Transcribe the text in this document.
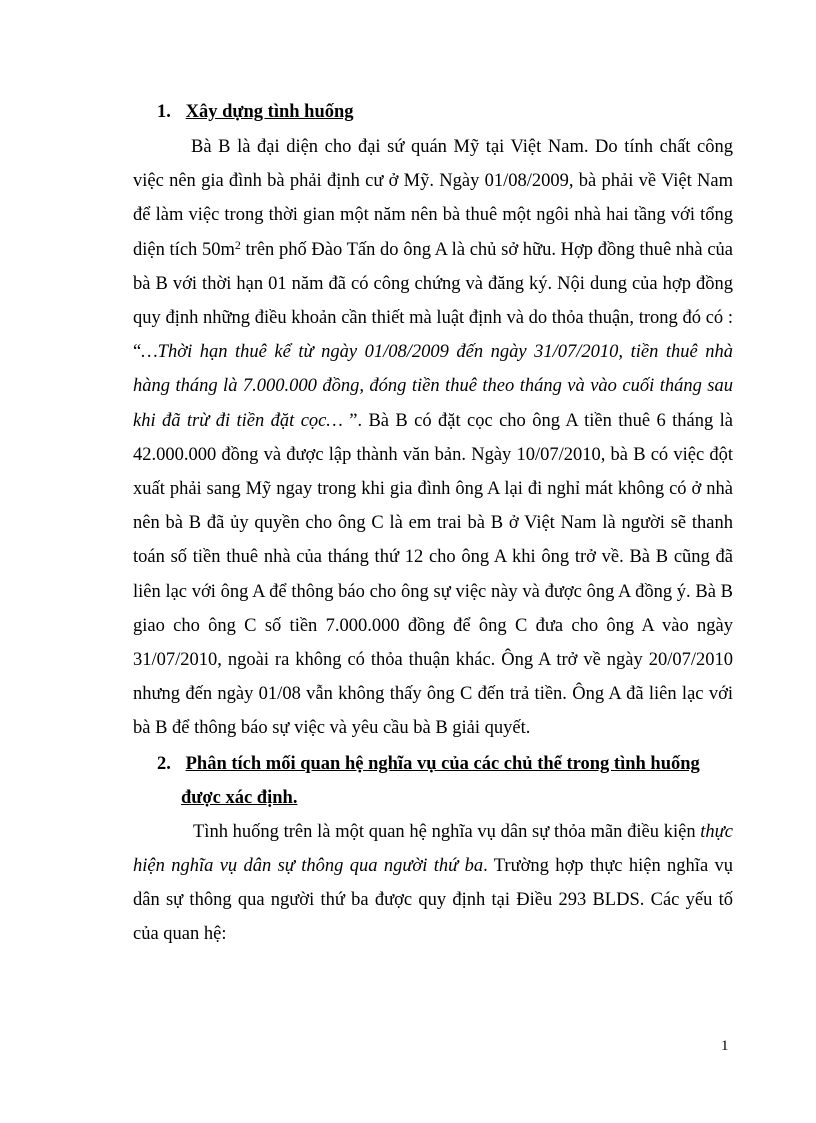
1. Xây dựng tình huống

Bà B là đại diện cho đại sứ quán Mỹ tại Việt Nam. Do tính chất công việc nên gia đình bà phải định cư ở Mỹ. Ngày 01/08/2009, bà phải về Việt Nam để làm việc trong thời gian một năm nên bà thuê một ngôi nhà hai tầng với tổng diện tích $50m^2$ trên phố Đào Tấn do ông A là chủ sở hữu. Hợp đồng thuê nhà của bà B với thời hạn 01 năm đã có công chứng và đăng ký. Nội dung của hợp đồng quy định những điều khoản cần thiết mà luật định và do thỏa thuận, trong đó có : “…Thời hạn thuê kể từ ngày 01/08/2009 đến ngày 31/07/2010, tiền thuê nhà hàng tháng là 7.000.000 đồng, đóng tiền thuê theo tháng và vào cuối tháng sau khi đã trừ đi tiền đặt cọc… ”. Bà B có đặt cọc cho ông A tiền thuê 6 tháng là 42.000.000 đồng và được lập thành văn bản. Ngày 10/07/2010, bà B có việc đột xuất phải sang Mỹ ngay trong khi gia đình ông A lại đi nghỉ mát không có ở nhà nên bà B đã ủy quyền cho ông C là em trai bà B ở Việt Nam là người sẽ thanh toán số tiền thuê nhà của tháng thứ 12 cho ông A khi ông trở về. Bà B cũng đã liên lạc với ông A để thông báo cho ông sự việc này và được ông A đồng ý. Bà B giao cho ông C số tiền 7.000.000 đồng để ông C đưa cho ông A vào ngày 31/07/2010, ngoài ra không có thỏa thuận khác. Ông A trở về ngày 20/07/2010 nhưng đến ngày 01/08 vẫn không thấy ông C đến trả tiền. Ông A đã liên lạc với bà B để thông báo sự việc và yêu cầu bà B giải quyết.

2. Phân tích mối quan hệ nghĩa vụ của các chủ thể trong tình huống
được xác định.

Tình huống trên là một quan hệ nghĩa vụ dân sự thỏa mãn điều kiện thực hiện nghĩa vụ dân sự thông qua người thứ ba. Trường hợp thực hiện nghĩa vụ dân sự thông qua người thứ ba được quy định tại Điều 293 BLDS. Các yếu tố của quan hệ:

1
